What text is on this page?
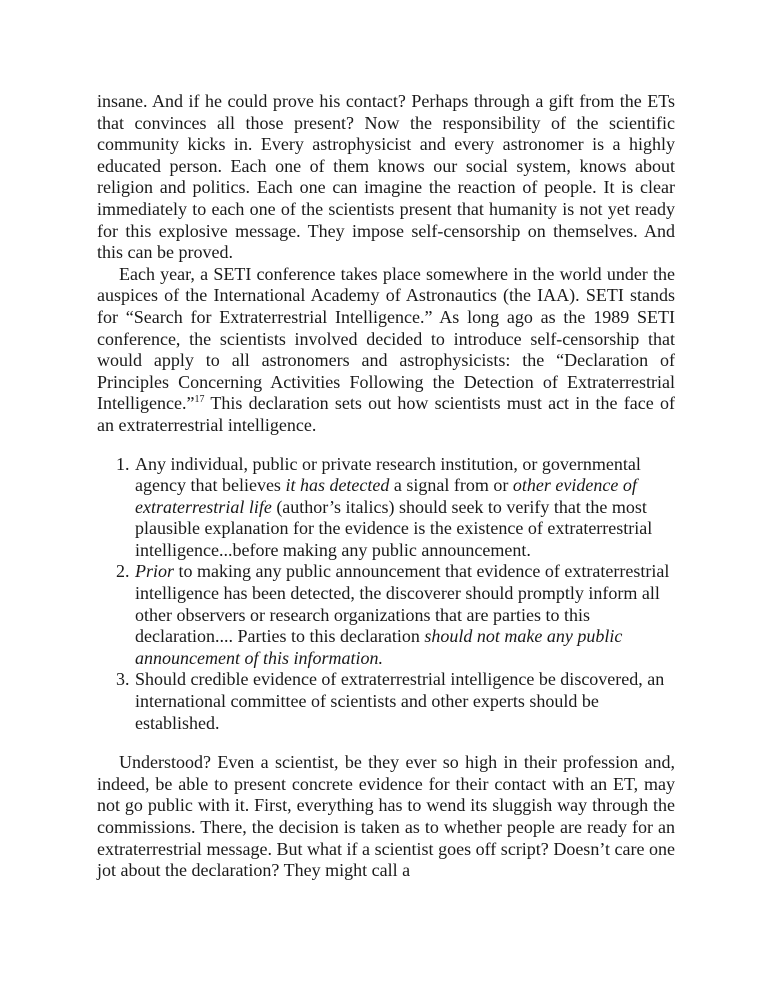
insane. And if he could prove his contact? Perhaps through a gift from the ETs that convinces all those present? Now the responsibility of the scientific community kicks in. Every astrophysicist and every astronomer is a highly educated person. Each one of them knows our social system, knows about religion and politics. Each one can imagine the reaction of people. It is clear immediately to each one of the scientists present that humanity is not yet ready for this explosive message. They impose self-censorship on themselves. And this can be proved.

Each year, a SETI conference takes place somewhere in the world under the auspices of the International Academy of Astronautics (the IAA). SETI stands for “Search for Extraterrestrial Intelligence.” As long ago as the 1989 SETI conference, the scientists involved decided to introduce self-censorship that would apply to all astronomers and astrophysicists: the “Declaration of Principles Concerning Activities Following the Detection of Extraterrestrial Intelligence.”$^{17}$ This declaration sets out how scientists must act in the face of an extraterrestrial intelligence.

1. Any individual, public or private research institution, or governmental agency that believes it has detected a signal from or other evidence of extraterrestrial life (author’s italics) should seek to verify that the most plausible explanation for the evidence is the existence of extraterrestrial intelligence...before making any public announcement.
2. Prior to making any public announcement that evidence of extraterrestrial intelligence has been detected, the discoverer should promptly inform all other observers or research organizations that are parties to this declaration.... Parties to this declaration should not make any public announcement of this information.
3. Should credible evidence of extraterrestrial intelligence be discovered, an international committee of scientists and other experts should be established.

Understood? Even a scientist, be they ever so high in their profession and, indeed, be able to present concrete evidence for their contact with an ET, may not go public with it. First, everything has to wend its sluggish way through the commissions. There, the decision is taken as to whether people are ready for an extraterrestrial message. But what if a scientist goes off script? Doesn’t care one jot about the declaration? They might call a
